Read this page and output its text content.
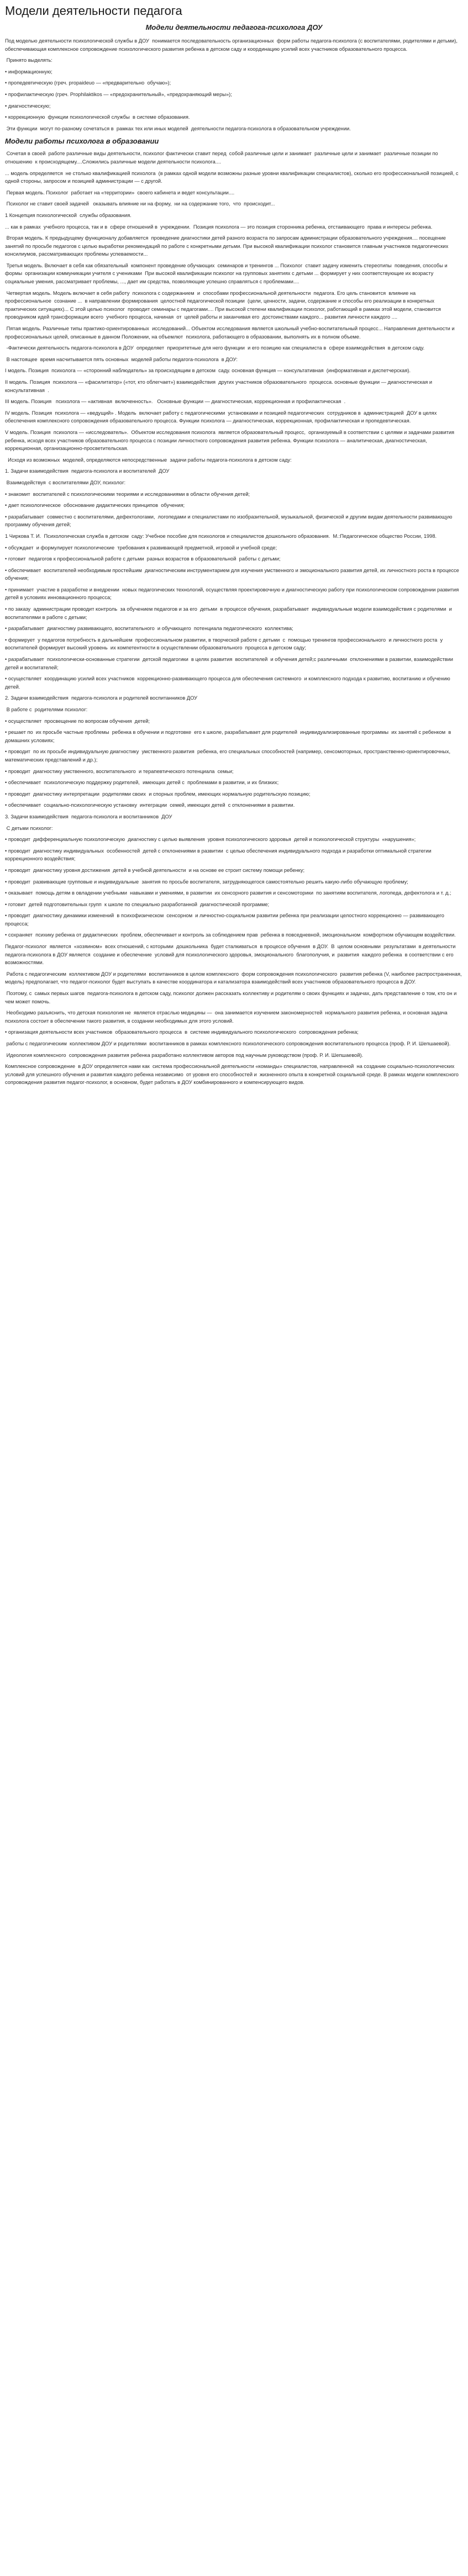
Модели деятельности педагога
Модели деятельности педагога-психолога ДОУ

Под моделью деятельности психологической службы в ДОУ  понимается последовательность организационных  форм работы педагога-психолога (с воспитателями, родителями и детьми), обеспечивающая комплексное сопровождение психологического развития ребенка в детском саду и координацию усилий всех участников образовательного процесса.

Принято выделять:

• информационную;

• пропедевтическую (греч. propaideuo — «предварительно  обучаю»);

• профилактическую (греч. Prophilaktikos — «предохранительный», «предохраняющий меры»);

• диагностическую;

• коррекционную  функции психологической службы  в системе образования.

Эти функции  могут по-разному сочетаться в  рамках тех или иных моделей  деятельности педагога-психолога в образовательном учреждении.

Модели работы психолога в образовании

Сочетая в своей  работе различные виды деятельности, психолог фактически ставит перед  собой различные цели и занимает  различные цели и занимает  различные позиции по отношению  к происходящему....Сложились различные модели деятельности психолога....

... модель определяется  не столько квалификацией психолога  (в рамках одной модели возможны разные уровни квалификации специалистов), сколько его профессиональной позицией, с одной стороны, запросом и позицией администрации — с другой.

Первая модель. Психолог  работает на «территории»  своего кабинета и ведет консультации....

Психолог не ставит своей задачей   оказывать влияние ни на форму,  ни на содержание того,  что  происходит...

1 Концепция психологической  службы образования.

... как в рамках  учебного процесса, так и в  сфере отношений в  учреждении.  Позиция психолога — это позиция сторонника ребенка, отстаивающего  права и интересы ребенка.

Вторая модель. К предыдущему функционалу добавляется  проведение диагностики детей разного возраста по запросам администрации образовательного учреждения.... посещение занятий по просьбе педагогов с целью выработки рекомендаций по работе с конкретными детьми. При высокой квалификации психолог становится главным участников педагогических консилиумов, рассматривающих проблемы успеваемости...

Третья модель. Включает в себя как обязательный  компонент проведение обучающих  семинаров и тренингов ... Психолог  ставит задачу изменить стереотипы  поведения, способы и формы  организации коммуникации учителя с учениками  При высокой квалификации психолог на групповых занятиях с детьми ... формирует у них соответствующие их возрасту социальные умения, рассматривает проблемы, ..., дает им средства, позволяющие успешно справляться с проблемами....

Четвертая модель. Модель включает в себя работу  психолога с содержанием  и  способами профессиональной деятельности  педагога. Его цель становится  влияние на профессиональное  сознание ...  в направлении формирования  целостной педагогической позиции  (цели, ценности, задачи, содержание и способы его реализации в конкретных  практических ситуациях)... С этой целью психолог  проводит семинары с педагогами.... При высокой степени квалификации психолог, работающий в рамках этой модели, становится проводником идей трансформации всего  учебного процесса, начиная  от  целей работы и заканчивая его  достоинствами каждого... развития личности каждого ....

Пятая модель. Различные типы практико-ориентированных  исследований... Объектом исследования является школьный учебно-воспитательный процесс... Направления деятельности и профессиональных целей, описанные в данном Положении, на объемлют  психолога, работающего в образовании, выполнять их в полном объеме.

-Фактически деятельность педагога-психолога в ДОУ  определяет  приоритетные для него функции  и его позицию как специалиста в  сфере взаимодействия  в детском саду.

В настоящее  время насчитывается пять основных  моделей работы педагога-психолога  в ДОУ:

I модель. Позиция  психолога — «сторонний наблюдатель» за происходящим в детском  саду. основная функция — консультативная  (информативная и диспетчерская).

II модель. Позиция  психолога — «фасилитатор» («тот, кто облегчает») взаимодействия  других участников образовательного  процесса. основные функции — диагностическая и  консультативная  .

III модель. Позиция   психолога — «активная  включенность».   Основные функции — диагностическая, коррекционная и профилактическая  .

IV модель. Позиция  психолога — «ведущий» . Модель  включает работу с педагогическими  установками и позицией педагогических  сотрудников в  администрацией  ДОУ в целях обеспечения комплексного сопровождения образовательного процесса. Функции психолога — диагностическая, коррекционная, профилактическая и пропедевтическая.

V модель. Позиция  психолога — «исследователь».  Объектом исследования психолога  является образовательный процесс,  организуемый в соответствии с целями и задачами развития ребенка, исходя всех участников образовательного процесса с позиции личностного сопровождения развития ребенка. Функции психолога — аналитическая, диагностическая, коррекционная, организационно-просветительская.

Исходя из возможных  моделей, определяются непосредственные  задачи работы педагога-психолога в детском саду:

1. Задачи взаимодействия  педагога-психолога и воспитателей  ДОУ

Взаимодействуя  с воспитателями ДОУ, психолог:

• знакомит  воспитателей с психологическими теориями и исследованиями в области обучения детей;

• дает психологическое  обоснование дидактических принципов  обучения;

• разрабатывает  совместно с воспитателями, дефектологами,  логопедами и специалистами по изобразительной, музыкальной, физической и другим видам деятельности развивающую программу обучения детей;

1 Чиркова Т. И.  Психологическая служба в детском  саду: Учебное пособие для психологов и специалистов дошкольного образования.  М.:Педагогическое общество России, 1998.

• обсуждает  и формулирует психологические  требования к развивающей предметной, игровой и учебной среде;

• готовит  педагогов к профессиональной работе с детьми  разных возрастов в образовательной  работы с детьми;

• обеспечивает  воспитателей необходимым простейшим  диагностическим инструментарием для изучения умственного и эмоционального развития детей, их личностного роста в процессе обучения;

• принимает  участие в разработке и внедрении  новых педагогических технологий, осуществляя проектировочную и диагностическую работу при психологическом сопровождении развития детей в условиях инновационного процесса;

• по заказу  администрации проводит контроль  за обучением педагогов и за его  детьми  в процессе обучения, разрабатывает  индивидуальные модели взаимодействия с родителями  и воспитателями в работе с детьми;

• разрабатывает  диагностику развивающего, воспитательного  и обучающего  потенциала педагогического  коллектива;

• формирует  у педагогов потребность в дальнейшем  профессиональном развитии, в творческой работе с детьми  с  помощью тренингов профессионального  и личностного роста  у воспитателей формирует высокий уровень  их компетентности в осуществлении образовательного  процесса в детском саду;

• разрабатывает  психологически-основанные стратегии  детской педагогики  в целях развития  воспитателей  и обучения детей;с различными  отклонениями в развитии, взаимодействии детей и воспитателей;

• осуществляет  координацию усилий всех участников  коррекционно-развивающего процесса для обеспечения системного  и комплексного подхода к развитию, воспитанию и обучению детей.

2. Задачи взаимодействия  педагога-психолога и родителей воспитанников ДОУ

В работе с  родителями психолог:

• осуществляет  просвещение по вопросам обучения  детей;

• решает по  их просьбе частные проблемы  ребенка в обучении и подготовке  его к школе, разрабатывает для родителей  индивидуализированные программы  их занятий с ребенком  в домашних условиях;

• проводит  по их просьбе индивидуальную диагностику  умственного развития  ребенка, его специальных способностей (например, сенсомоторных, пространственно-ориентировочных, математических представлений и др.);

• проводит  диагностику умственного, воспитательного  и терапевтического потенциала  семьи;

• обеспечивает  психологическую поддержку родителей,  имеющих детей с  проблемами в развитии, и их близких;

• проводит  диагностику интерпретации  родителями своих  и спорных проблем, имеющих нормальную родительскую позицию;

• обеспечивает  социально-психологическую установку  интеграции  семей, имеющих детей  с отклонениями в развитии.

3. Задачи взаимодействия  педагога-психолога и воспитанников  ДОУ

С детьми психолог:

• проводит  дифференциальную психологическую  диагностику с целью выявления  уровня психологического здоровья  детей и психологической структуры  «нарушения»;

• проводит  диагностику индивидуальных  особенностей  детей с отклонениями в развитии  с целью обеспечения индивидуального подхода и разработки оптимальной стратегии коррекционного воздействия;

• проводит  диагностику уровня достижения  детей в учебной деятельности  и на основе ее строит систему помощи ребенку;

• проводит  развивающие групповые и индивидуальные  занятия по просьбе воспитателя, затрудняющегося самостоятельно решить какую-либо обучающую проблему;

• оказывает  помощь детям в овладении учебными  навыками и умениями, в развитии  их сенсорного развития и сенсомоторики  по занятиям воспитателя, логопеда, дефектолога и т. д.;

• готовит  детей подготовительных групп  к школе по специально разработанной  диагностической программе;

• проводит  диагностику динамики изменений  в психофизическом  сенсорном  и личностно-социальном развитии ребенка при реализации целостного коррекционно — развивающего процесса;

• сохраняет  психику ребенка от дидактических  проблем, обеспечивает и контроль за соблюдением прав  ребенка в повседневной, эмоциональном  комфортном обучающем воздействии.

Педагог-психолог  является  «хозяином»  всех отношений, с которыми  дошкольника  будет сталкиваться  в процессе обучения  в ДОУ.  В  целом основными  результатами  в деятельности  педагога-психолога в ДОУ является  создание и обеспечение  условий для психологического здоровья, эмоционального  благополучия, и  развития  каждого ребенка  в соответствии с его  возможностями.

Работа с педагогическим  коллективом ДОУ и родителями  воспитанников в целом комплексного  форм сопровождения психологического  развития ребенка (V, наиболее распространенная, модель) предполагает, что педагог-психолог будет выступать в качестве координатора и катализатора взаимодействий всех участников образовательного процесса в ДОУ.

Поэтому, с  самых первых шагов  педагога-психолога в детском саду, психолог должен рассказать коллективу и родителям о своих функциях и задачах, дать представление о том, кто он и чем может помочь.

Необходимо разъяснить, что детская психология не  является отраслью медицины —  она занимается изучением закономерностей  нормального развития ребенка, и основная задача психолога состоит в обеспечении такого развития, в создании необходимых для этого условий.

• организация деятельности всех участников  образовательного процесса  в  системе индивидуального психологического  сопровождения ребенка;

работы с педагогическим  коллективом ДОУ и родителями  воспитанников в рамках комплексного психологического сопровождения воспитательного процесса (проф. Р. И. Шепшаевой).

Идеология комплексного  сопровождения развития ребенка разработано коллективом авторов под научным руководством (проф. Р. И. Шепшаевой).

Комплексное сопровождение  в ДОУ определяется нами как  система профессиональной деятельности «команды» специалистов, направленной  на создание социально-психологических  условий для успешного обучения и развития каждого ребенка независимо  от уровня его способностей и  жизненного опыта в конкретной социальной среде. В рамках модели комплексного сопровождения развития педагог-психолог, в основном, будет работать в ДОУ комбинированного и компенсирующего видов.
